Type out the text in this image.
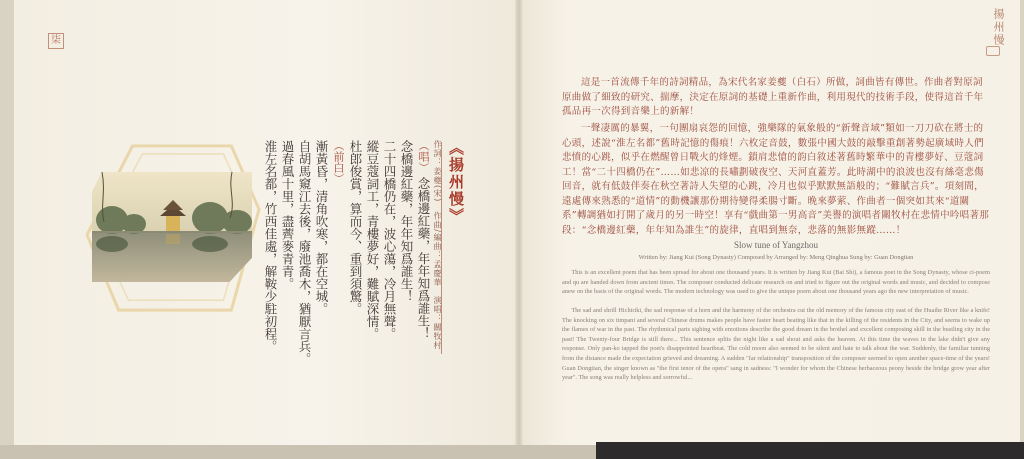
柒
（唱） 念橋邊紅藥，年年知爲誰生！
念橋邊紅藥，年年知爲誰生！
二十四橋仍在，波心蕩，冷月無聲。
縱豆蔻詞工，青樓夢好，難賦深情。
杜郎俊賞，算而今、重到須驚。
（前白）
漸黃昏，清角吹寒，都在空城。
自胡馬窺江去後，廢池喬木，猶厭言兵。
過春風十里，盡薺麥青青。
淮左名都，竹西佳處，解鞍少駐初程。	作詞：姜夔(宋)　作曲/編曲：孟慶華　演唱：關牧村 《揚州慢》
揚州慢
這是一首流傳千年的詩詞精品，為宋代名家姜夔（白石）所做，詞曲皆有傳世。作曲者對原詞原曲做了細致的研究、揣摩，決定在原詞的基礎上重新作曲，利用現代的技術手段，使得這首千年孤品再一次得到音樂上的新解！
一聲凄厲的暴翼，一句團扇哀怨的回憶，強樂隊的氣象般的“新聲音域”類如一刀刀砍在將士的心頭，述說“淮左名都”舊時記憶的傷痕！六枚定音鼓，數張中國大鼓的敲擊重創著勢起廣域時人們悲憤的心跳，似乎在燃醒曾日戰火的烽煙。鎖肩悲愴的韵白敘述著舊時繁華中的青樓夢好、豆蔻詞工！當“二十四橋仍在”……如悲凉的長嘯劃破夜空、天河直蓋芳。此時湖中的浪波也沒有絲毫悲傷回音，就有低鼓伴奏在秋空著詩人失望的心跳，冷月也似乎默默無語般的；“難賦言兵”。項刻間，遠處傳來熟悉的“道情”的動機讓那份期待變得柔腸寸斷。晚來夢萦、作曲者一個突如其來“道關系”轉調猶如打開了歲月的另一時空！享有“戲曲第一男高音”美譽的演唱者關牧村在悲情中吟唱著那段：“念橋邊紅藥，年年知為誰生”的旋律，直唱到無奈，悲落的無影無蹤……！
Slow tune of Yangzhou
Written by: Jiang Kui (Song Dynasty) Composed by Arranged by: Meng Qinghua Sung by: Guan Dongtian
This is an excellent poem that has been spread for about one thousand years. It is written by Jiang Kui (Bai Shi), a famous poet in the Song Dynasty, whose ci-poem and qu are handed down from ancient times. The composer conducted delicate research on and tried to figure out the original words and music, and decided to compose anew on the basis of the original words. The modern technology was used to give the unique poem about one thousand years ago the new interpretation of music.
The sad and shrill Hichiriki, the sad response of a horn and the harmony of the orchestra cut the old memory of the famous city east of the Huaihe River like a knife! The knocking on six timpani and several Chinese drums makes people have faster heart beating like that in the killing of the residents in the City, and seems to wake up the flames of war in the past. The rhythmical parts sighing with emotions describe the good dream in the brothel and excellent composing skill in the bustling city in the past! The Twenty-four Bridge is still there... This sentence splits the night like a sad shout and asks the heaven. At this time the waves in the lake didn't give any response. Only pan-ko tapped the poet's disappointed heartbeat. The cold moon also seemed to be silent and hate to talk about the war. Suddenly, the familiar tunning from the distance made the expectation grieved and dreaming. A sudden "far relationship" transposition of the composer seemed to open another space-time of the years! Guan Dongtian, the singer known as "the first tenor of the opera" sang in sadness: "I wonder for whom the Chinese herbaceous peony beside the bridge grow year after year". The song was really helpless and sorrowful...
